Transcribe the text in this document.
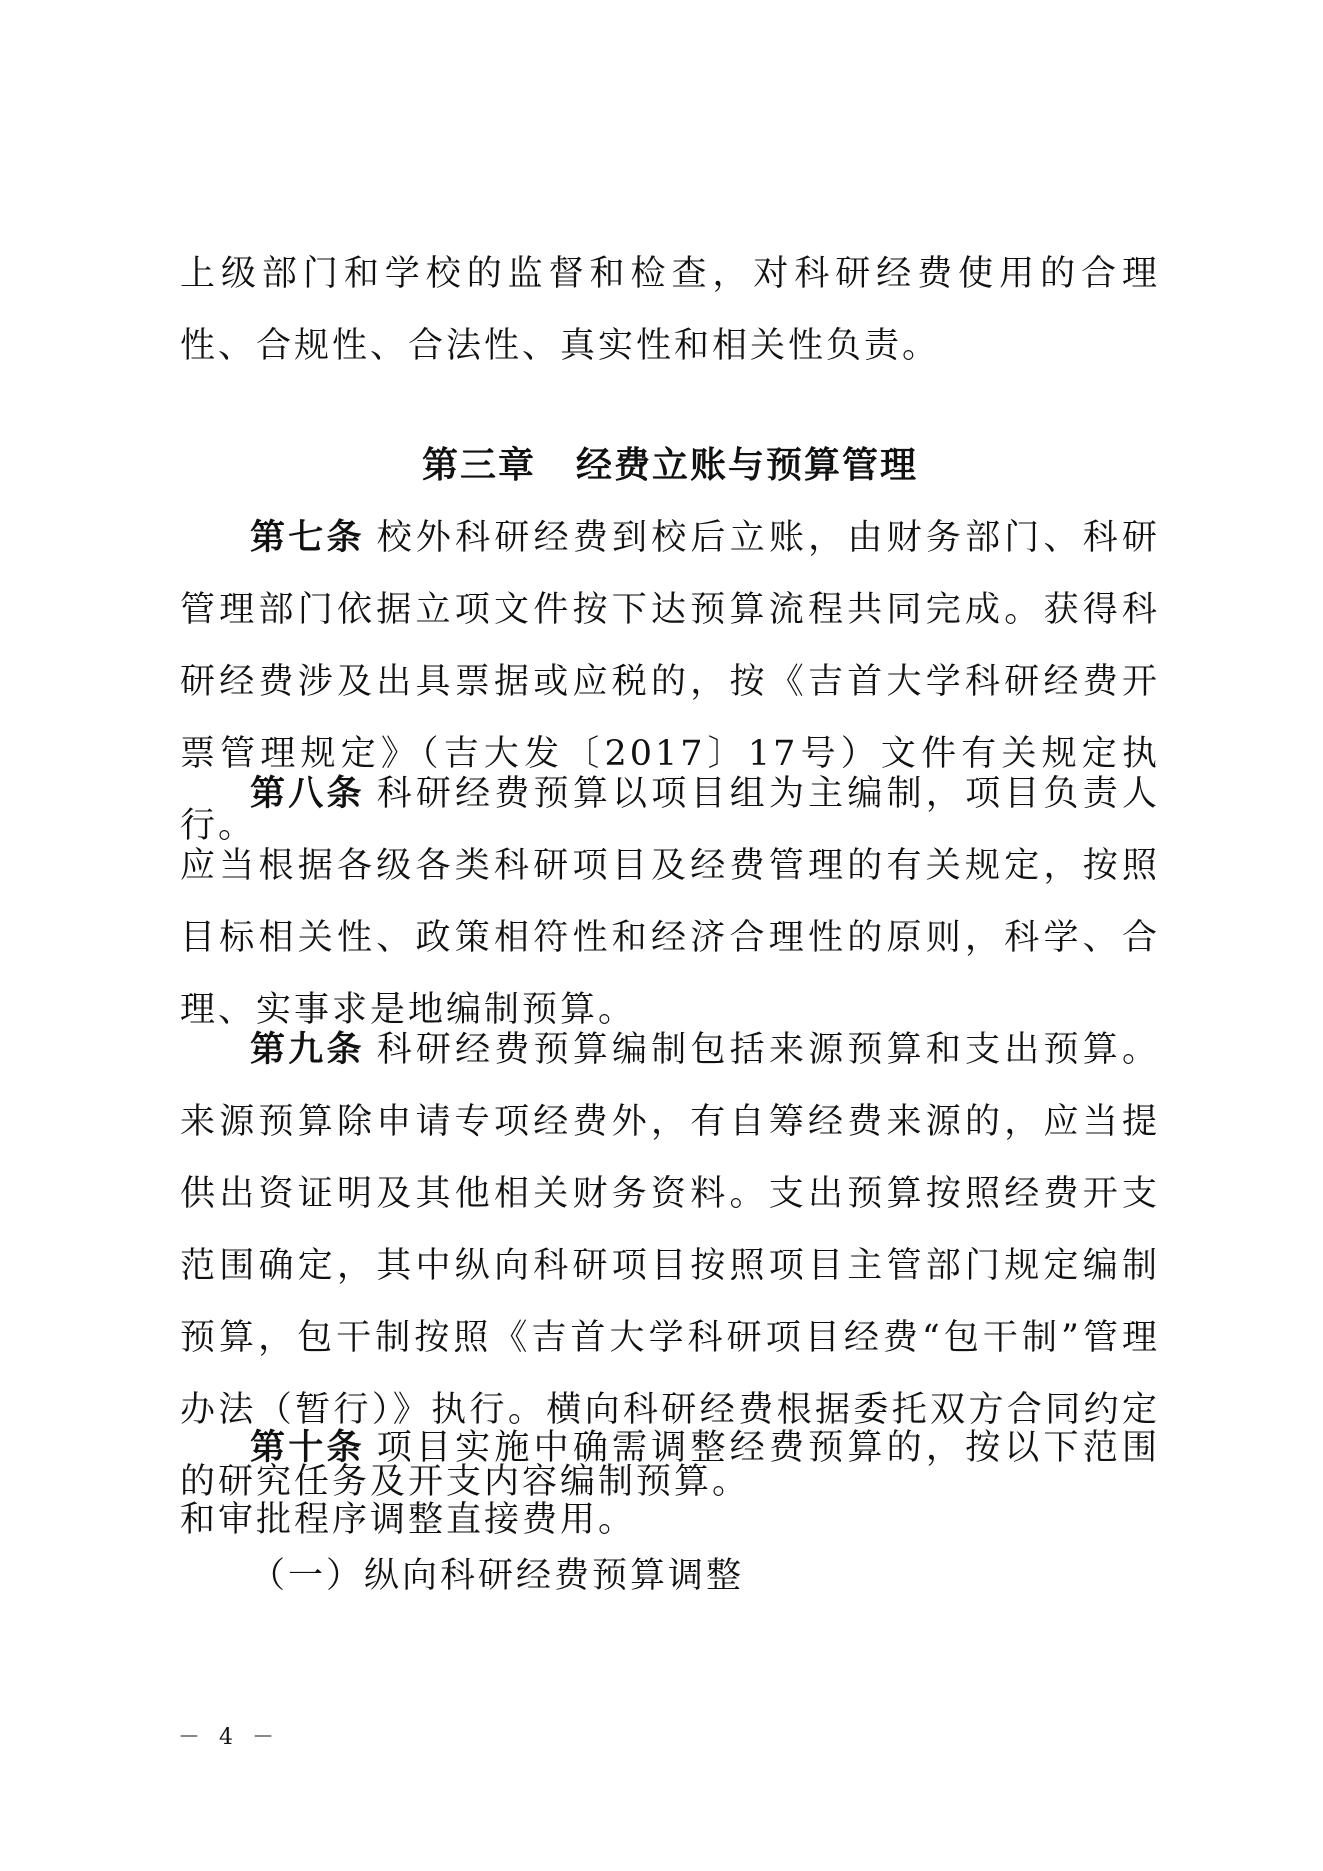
上级部门和学校的监督和检查，对科研经费使用的合理性、合规性、合法性、真实性和相关性负责。

第三章 经费立账与预算管理

第七条 校外科研经费到校后立账，由财务部门、科研管理部门依据立项文件按下达预算流程共同完成。获得科研经费涉及出具票据或应税的，按《吉首大学科研经费开票管理规定》（吉大发〔2017〕17号）文件有关规定执行。

第八条 科研经费预算以项目组为主编制，项目负责人应当根据各级各类科研项目及经费管理的有关规定，按照目标相关性、政策相符性和经济合理性的原则，科学、合理、实事求是地编制预算。

第九条 科研经费预算编制包括来源预算和支出预算。来源预算除申请专项经费外，有自筹经费来源的，应当提供出资证明及其他相关财务资料。支出预算按照经费开支范围确定，其中纵向科研项目按照项目主管部门规定编制预算，包干制按照《吉首大学科研项目经费“包干制”管理办法（暂行）》执行。横向科研经费根据委托双方合同约定的研究任务及开支内容编制预算。

第十条 项目实施中确需调整经费预算的，按以下范围和审批程序调整直接费用。

（一）纵向科研经费预算调整

－ 4 －
